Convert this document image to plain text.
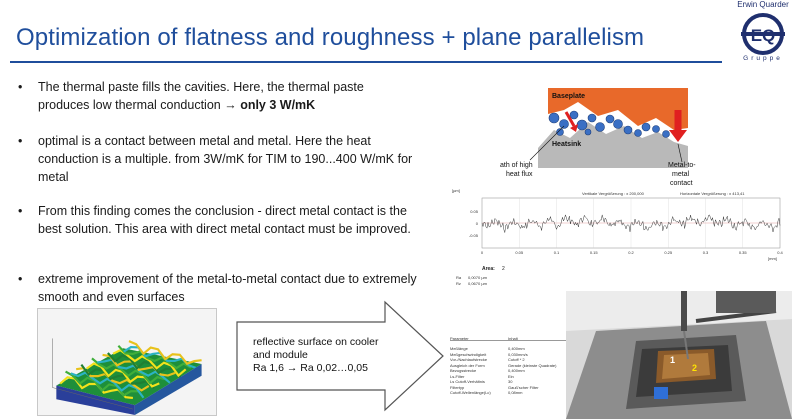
Optimization of flatness and roughness + plane parallelism
Erwin Quarder
EQ
Gruppe
• The thermal paste fills the cavities. Here, the thermal paste produces low thermal conduction → only 3 W/mK
• optimal is a contact between metal and metal. Here the heat conduction is a multiple. from 3W/mK for TIM to 190...400 W/mK for metal
• From this finding comes the conclusion - direct metal contact is the best solution. This area with direct metal contact must be improved.
• extreme improvement of the metal-to-metal contact due to extremely smooth and even surfaces
Baseplate
Heatsink
ath of high
heat flux
Metal-to-
metal
contact
[µm]
Vertikale Vergrößerung : x 200,000	Horizontale Vergrößerung : x 413,41
0.05
0
-0.05
0	0.05	0.1	0.15	0.2	0.25	0.3	0.35	0.4
[mm]
Area: 2
Ra 0,0070 µm
Rz 0,0670 µm
reflective surface on cooler
and module
Ra 1,6 → Ra 0,02…0,05
Parameter	Inhalt
Meßlänge	0,400mm
Meßgeschwindigkeit	0,030mm/s
Vor-/Nachlaufstrecke	Cutoff * 2
Ausgleich der Form	Gerade (kleinste Quadrate)
Bezugsstrecke	0,400mm
Ls-Filter	Ein
Ls Cutoff-Verhältnis	30
Filtertyp	Gauß'scher Filter
Cutoff-Wellenlänge(Lc)	0,08mm
1
2
